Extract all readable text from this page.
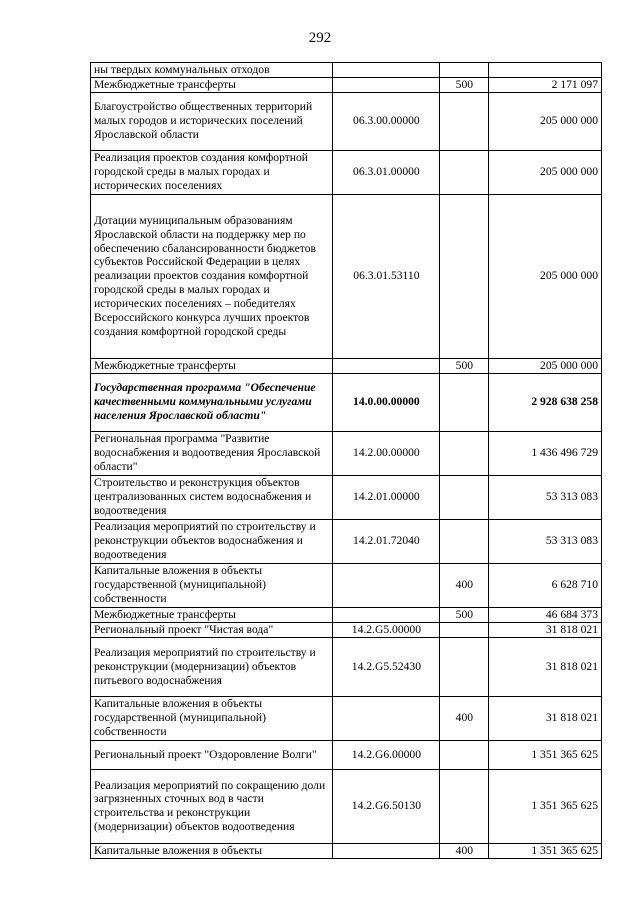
292
ны твердых коммунальных отходов			
Межбюджетные трансферты		500	2 171 097
Благоустройство общественных территорий малых городов и исторических поселений Ярославской области	06.3.00.00000		205 000 000
Реализация проектов создания комфортной городской среды в малых городах и исторических поселениях	06.3.01.00000		205 000 000
Дотации муниципальным образованиям Ярославской области на поддержку мер по обеспечению сбалансированности бюджетов субъектов Российской Федерации в целях реализации проектов создания комфортной городской среды в малых городах и исторических поселениях – победителях Всероссийского конкурса лучших проектов создания комфортной городской среды	06.3.01.53110		205 000 000
Межбюджетные трансферты		500	205 000 000
Государственная программа "Обеспечение качественными коммунальными услугами населения Ярославской области"	14.0.00.00000		2 928 638 258
Региональная программа "Развитие водоснабжения и водоотведения Ярославской области"	14.2.00.00000		1 436 496 729
Строительство и реконструкция объектов централизованных систем водоснабжения и водоотведения	14.2.01.00000		53 313 083
Реализация мероприятий по строительству и реконструкции объектов водоснабжения и водоотведения	14.2.01.72040		53 313 083
Капитальные вложения в объекты государственной (муниципальной) собственности		400	6 628 710
Межбюджетные трансферты		500	46 684 373
Региональный проект "Чистая вода"	14.2.G5.00000		31 818 021
Реализация мероприятий по строительству и реконструкции (модернизации) объектов питьевого водоснабжения	14.2.G5.52430		31 818 021
Капитальные вложения в объекты государственной (муниципальной) собственности		400	31 818 021
Региональный проект "Оздоровление Волги"	14.2.G6.00000		1 351 365 625
Реализация мероприятий по сокращению доли загрязненных сточных вод в части строительства и реконструкции (модернизации) объектов водоотведения	14.2.G6.50130		1 351 365 625
Капитальные вложения в объекты		400	1 351 365 625
